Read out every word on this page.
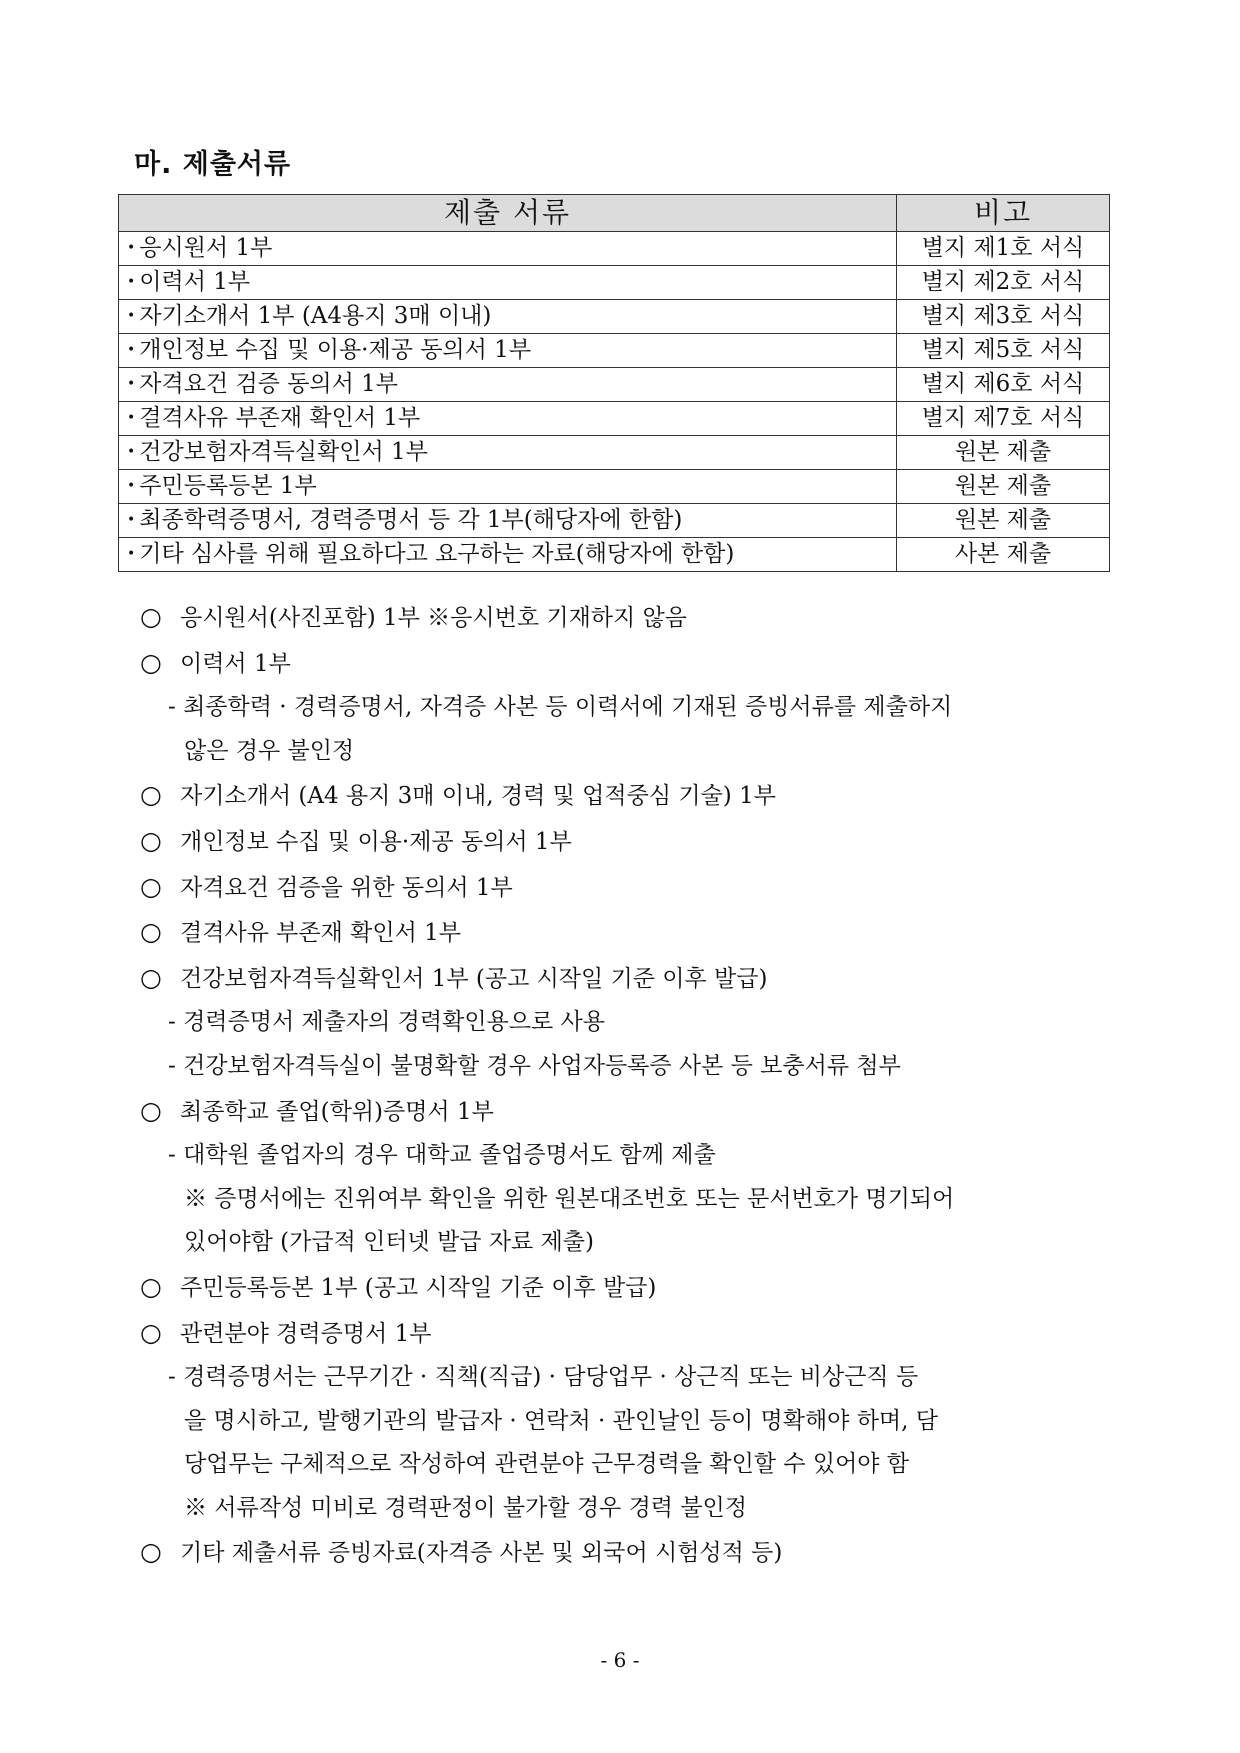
마. 제출서류
제출 서류	비고
• 응시원서 1부	별지 제1호 서식
• 이력서 1부	별지 제2호 서식
• 자기소개서 1부 (A4용지 3매 이내)	별지 제3호 서식
• 개인정보 수집 및 이용·제공 동의서 1부	별지 제5호 서식
• 자격요건 검증 동의서 1부	별지 제6호 서식
• 결격사유 부존재 확인서 1부	별지 제7호 서식
• 건강보험자격득실확인서 1부	원본 제출
• 주민등록등본 1부	원본 제출
• 최종학력증명서, 경력증명서 등 각 1부(해당자에 한함)	원본 제출
• 기타 심사를 위해 필요하다고 요구하는 자료(해당자에 한함)	사본 제출
○ 응시원서(사진포함) 1부 ※응시번호 기재하지 않음
○ 이력서 1부
- 최종학력 · 경력증명서, 자격증 사본 등 이력서에 기재된 증빙서류를 제출하지
않은 경우 불인정
○ 자기소개서 (A4 용지 3매 이내, 경력 및 업적중심 기술) 1부
○ 개인정보 수집 및 이용·제공 동의서 1부
○ 자격요건 검증을 위한 동의서 1부
○ 결격사유 부존재 확인서 1부
○ 건강보험자격득실확인서 1부 (공고 시작일 기준 이후 발급)
- 경력증명서 제출자의 경력확인용으로 사용
- 건강보험자격득실이 불명확할 경우 사업자등록증 사본 등 보충서류 첨부
○ 최종학교 졸업(학위)증명서 1부
- 대학원 졸업자의 경우 대학교 졸업증명서도 함께 제출
※ 증명서에는 진위여부 확인을 위한 원본대조번호 또는 문서번호가 명기되어
있어야함 (가급적 인터넷 발급 자료 제출)
○ 주민등록등본 1부 (공고 시작일 기준 이후 발급)
○ 관련분야 경력증명서 1부
- 경력증명서는 근무기간 · 직책(직급) · 담당업무 · 상근직 또는 비상근직 등
을 명시하고, 발행기관의 발급자 · 연락처 · 관인날인 등이 명확해야 하며, 담
당업무는 구체적으로 작성하여 관련분야 근무경력을 확인할 수 있어야 함
※ 서류작성 미비로 경력판정이 불가할 경우 경력 불인정
○ 기타 제출서류 증빙자료(자격증 사본 및 외국어 시험성적 등)
- 6 -
